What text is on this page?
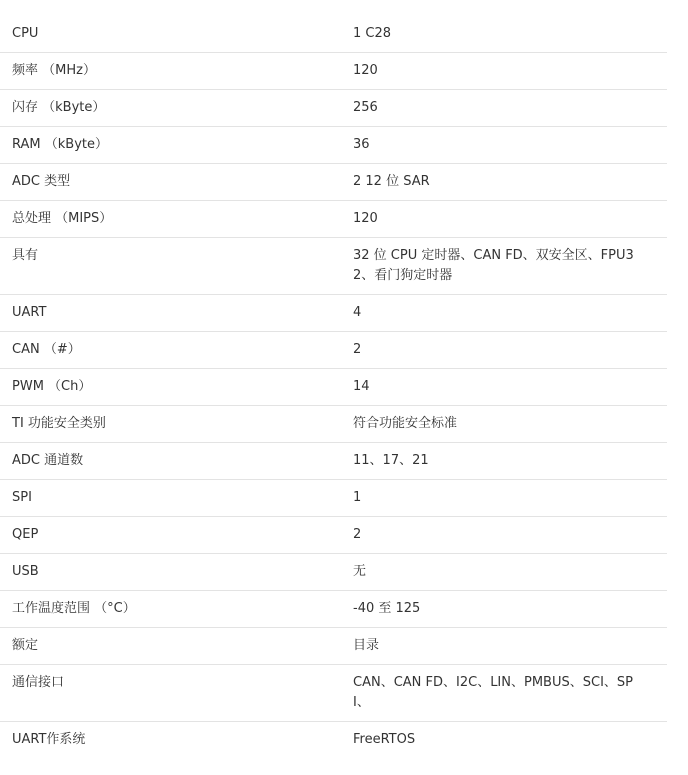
CPU	1 C28
频率 （MHz）	120
闪存 （kByte）	256
RAM （kByte）	36
ADC 类型	2 12 位 SAR
总处理 （MIPS）	120
具有	32 位 CPU 定时器、CAN FD、双安全区、FPU32、看门狗定时器
UART	4
CAN （#）	2
PWM （Ch）	14
TI 功能安全类别	符合功能安全标准
ADC 通道数	11、17、21
SPI	1
QEP	2
USB	无
工作温度范围 （°C）	-40 至 125
额定	目录
通信接口	CAN、CAN FD、I2C、LIN、PMBUS、SCI、SPI、
UART作系统	FreeRTOS
